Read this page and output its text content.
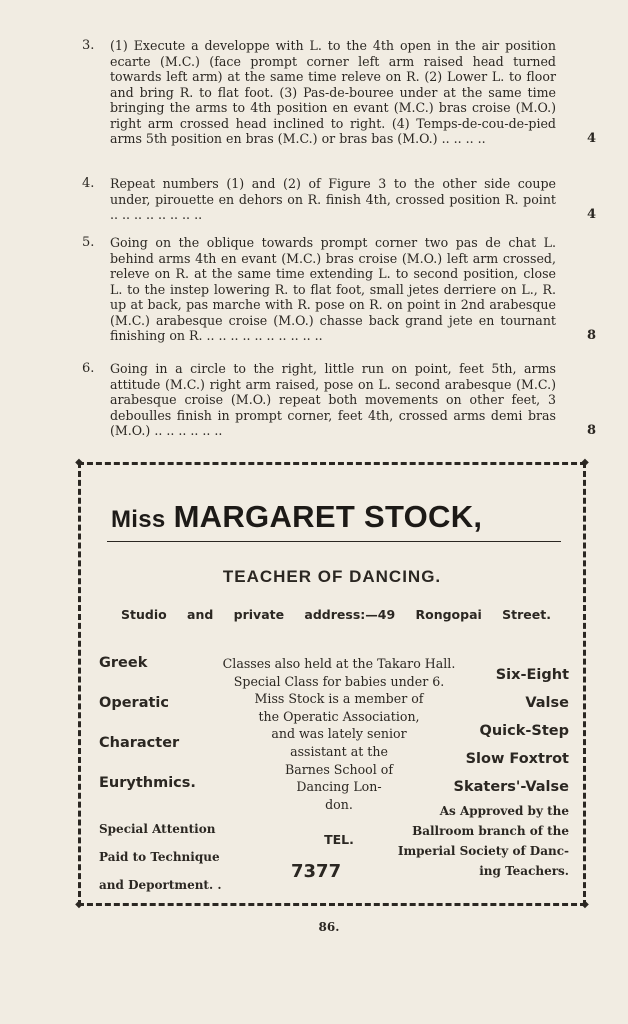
3. (1) Execute a developpe with L. to the 4th open in the air position ecarte (M.C.) (face prompt corner left arm raised head turned towards left arm) at the same time releve on R. (2) Lower L. to floor and bring R. to flat foot. (3) Pas-de-bouree under at the same time bringing the arms to 4th position en evant (M.C.) bras croise (M.O.) right arm crossed head inclined to right. (4) Temps-de-cou-de-pied arms 5th position en bras (M.C.) or bras bas (M.O.) .. .. .. ..	4
4. Repeat numbers (1) and (2) of Figure 3 to the other side coupe under, pirouette en dehors on R. finish 4th, crossed position R. point .. .. .. .. .. .. .. ..	4
5. Going on the oblique towards prompt corner two pas de chat L. behind arms 4th en evant (M.C.) bras croise (M.O.) left arm crossed, releve on R. at the same time extending L. to second position, close L. to the instep lowering R. to flat foot, small jetes derriere on L., R. up at back, pas marche with R. pose on R. on point in 2nd arabesque (M.C.) arabesque croise (M.O.) chasse back grand jete en tournant finishing on R. .. .. .. .. .. .. .. .. .. ..	8
6. Going in a circle to the right, little run on point, feet 5th, arms attitude (M.C.) right arm raised, pose on L. second arabesque (M.C.) arabesque croise (M.O.) repeat both movements on other feet, 3 deboulles finish in prompt corner, feet 4th, crossed arms demi bras (M.O.) .. .. .. .. .. ..	8
◆	◆
◆	◆
Miss MARGARET STOCK,
TEACHER OF DANCING.
Studio and private address:—49 Rongopai Street.
Greek
Operatic
Character
Eurythmics.
Special Attention
Paid to Technique
and Deportment. .
Classes also held at the Takaro Hall.
Special Class for babies under 6.
Miss Stock is a member of
the Operatic Association,
and was lately senior
assistant at the
Barnes School of
Dancing Lon-
don.
TEL.
7377
Six-Eight
Valse
Quick-Step
Slow Foxtrot
Skaters'-Valse
As Approved by the
Ballroom branch of the
Imperial Society of Danc-
ing Teachers.
86.
